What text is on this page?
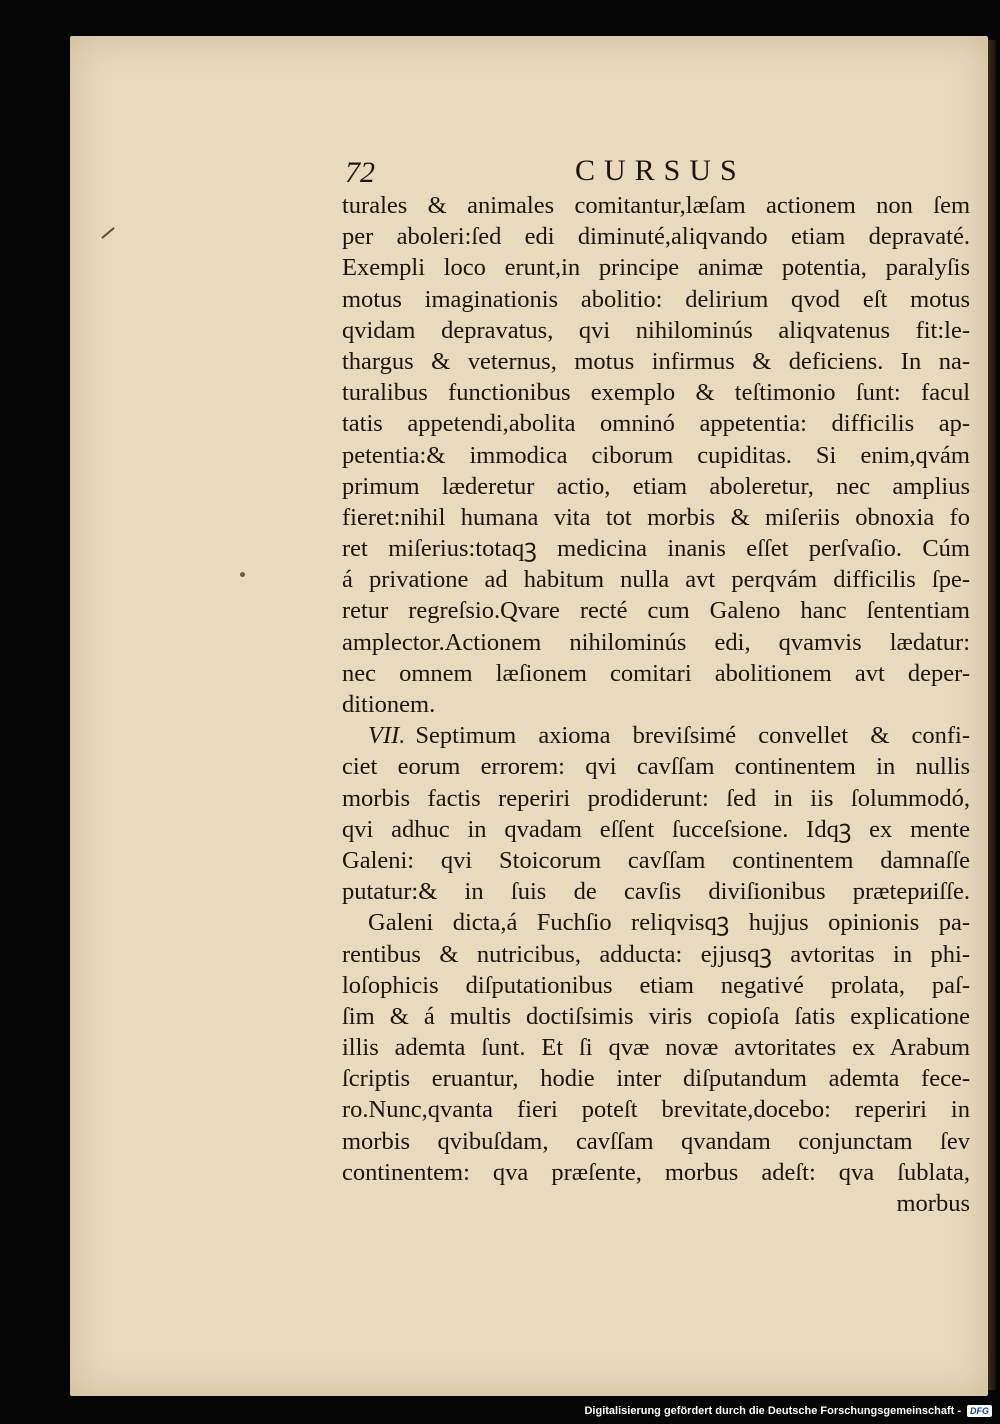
72	CURSUS
turales & animales comitantur,læſam actionem non ſem
per aboleri:ſed edi diminuté,aliqvando etiam depravaté.
Exempli loco erunt,in principe animæ potentia, paralyſis
motus imaginationis abolitio: delirium qvod eſt motus
qvidam depravatus, qvi nihilominús aliqvatenus fit:le-
thargus & veternus, motus infirmus & deficiens. In na-
turalibus functionibus exemplo & teſtimonio ſunt: facul
tatis appetendi,abolita omninó appetentia: difficilis ap-
petentia:& immodica ciborum cupiditas. Si enim,qvám
primum læderetur actio, etiam aboleretur, nec amplius
fieret:nihil humana vita tot morbis & miſeriis obnoxia fo
ret miſerius:totaqꝫ medicina inanis eſſet perſvaſio. Cúm
á privatione ad habitum nulla avt perqvám difficilis ſpe-
retur regreſsio.Qvare recté cum Galeno hanc ſententiam
amplector.Actionem nihilominús edi, qvamvis lædatur:
nec omnem læſionem comitari abolitionem avt deper-
ditionem.
VII. Septimum axioma breviſsimé convellet & confi-
ciet eorum errorem: qvi cavſſam continentem in nullis
morbis factis reperiri prodiderunt: ſed in iis ſolummodó,
qvi adhuc in qvadam eſſent ſucceſsione. Idqꝫ ex mente
Galeni: qvi Stoicorum cavſſam continentem damnaſſe
putatur:& in ſuis de cavſis diviſionibus prætериiſſe.
Galeni dicta,á Fuchſio reliqvisqꝫ hujjus opinionis pa-
rentibus & nutricibus, adducta: ejjusqꝫ avtoritas in phi-
loſophicis diſputationibus etiam negativé prolata, paſ-
ſim & á multis doctiſsimis viris copioſa ſatis explicatione
illis ademta ſunt. Et ſi qvæ novæ avtoritates ex Arabum
ſcriptis eruantur, hodie inter diſputandum ademta fece-
ro.Nunc,qvanta fieri poteſt brevitate,docebo: reperiri in
morbis qvibuſdam, cavſſam qvandam conjunctam ſev
continentem: qva præſente, morbus adeſt: qva ſublata,
morbus
Digitalisierung gefördert durch die Deutsche Forschungsgemeinschaft -	DFG
